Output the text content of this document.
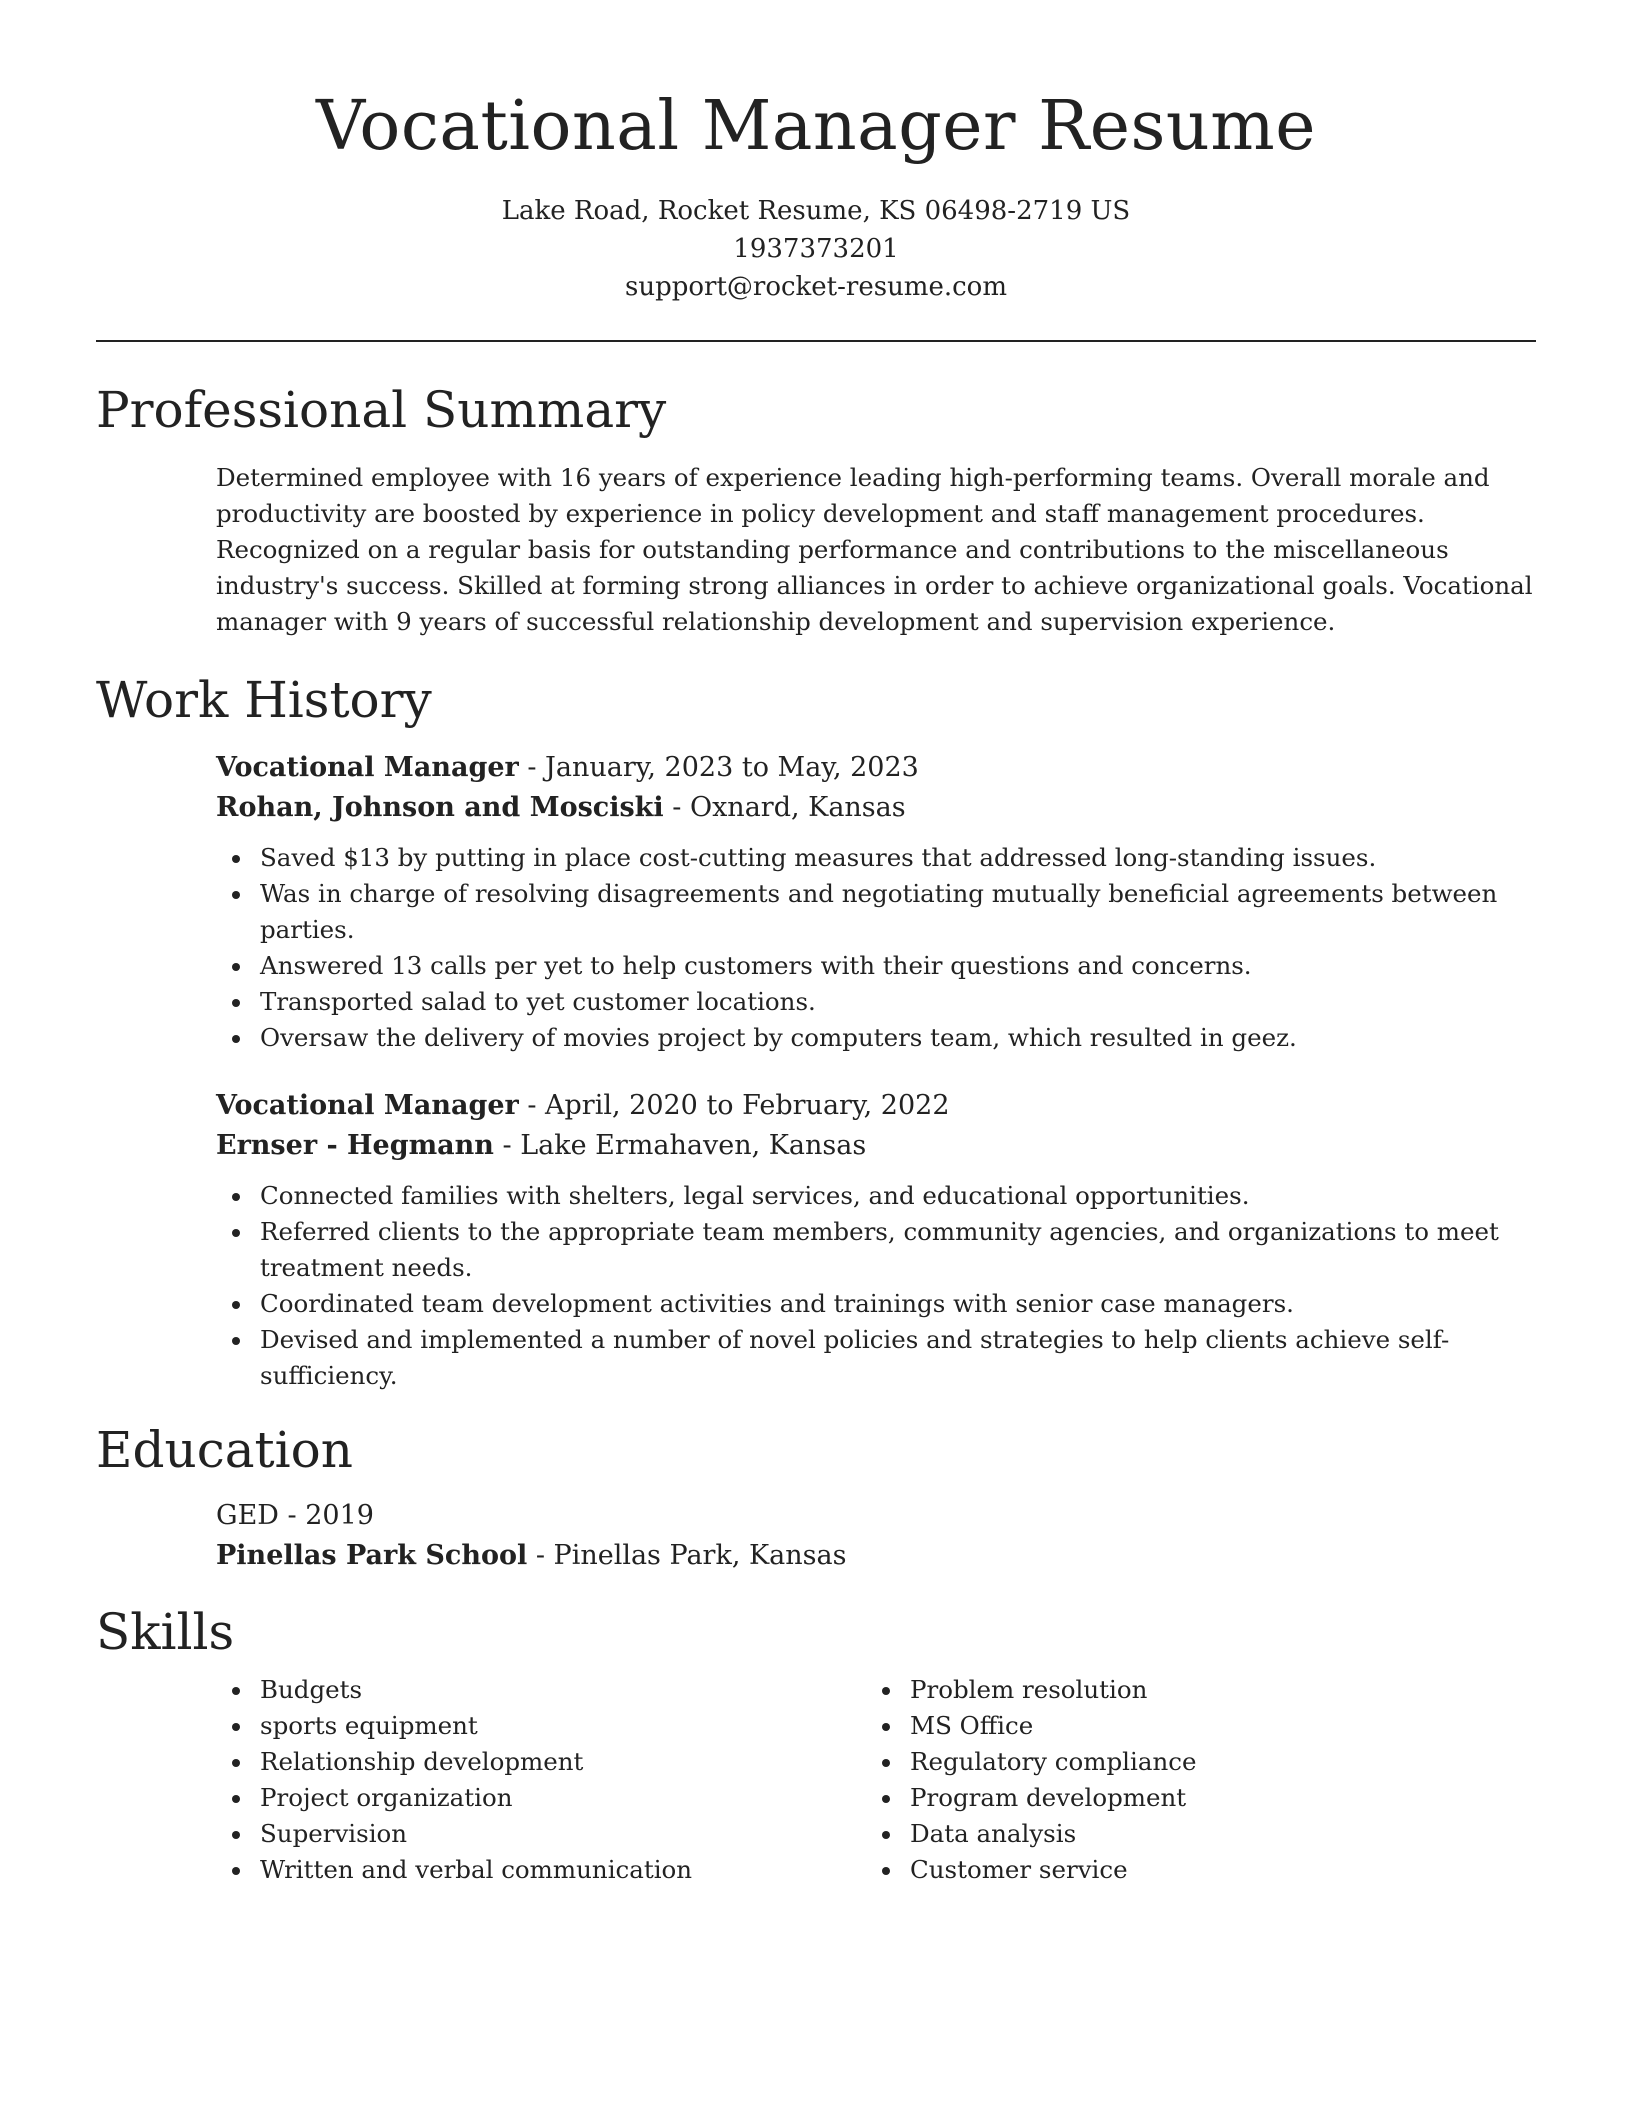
Vocational Manager Resume
Lake Road, Rocket Resume, KS 06498-2719 US
1937373201
support@rocket-resume.com
Professional Summary

Determined employee with 16 years of experience leading high-performing teams. Overall morale and productivity are boosted by experience in policy development and staff management procedures. Recognized on a regular basis for outstanding performance and contributions to the miscellaneous industry's success. Skilled at forming strong alliances in order to achieve organizational goals. Vocational manager with 9 years of successful relationship development and supervision experience.

Work History
Vocational Manager - January, 2023 to May, 2023
Rohan, Johnson and Mosciski - Oxnard, Kansas
Saved $13 by putting in place cost-cutting measures that addressed long-standing issues.
Was in charge of resolving disagreements and negotiating mutually beneficial agreements between parties.
Answered 13 calls per yet to help customers with their questions and concerns.
Transported salad to yet customer locations.
Oversaw the delivery of movies project by computers team, which resulted in geez.
Vocational Manager - April, 2020 to February, 2022
Ernser - Hegmann - Lake Ermahaven, Kansas
Connected families with shelters, legal services, and educational opportunities.
Referred clients to the appropriate team members, community agencies, and organizations to meet treatment needs.
Coordinated team development activities and trainings with senior case managers.
Devised and implemented a number of novel policies and strategies to help clients achieve self-sufficiency.
Education
GED - 2019
Pinellas Park School - Pinellas Park, Kansas
Skills
Budgets
sports equipment
Relationship development
Project organization
Supervision
Written and verbal communication
Problem resolution
MS Office
Regulatory compliance
Program development
Data analysis
Customer service
